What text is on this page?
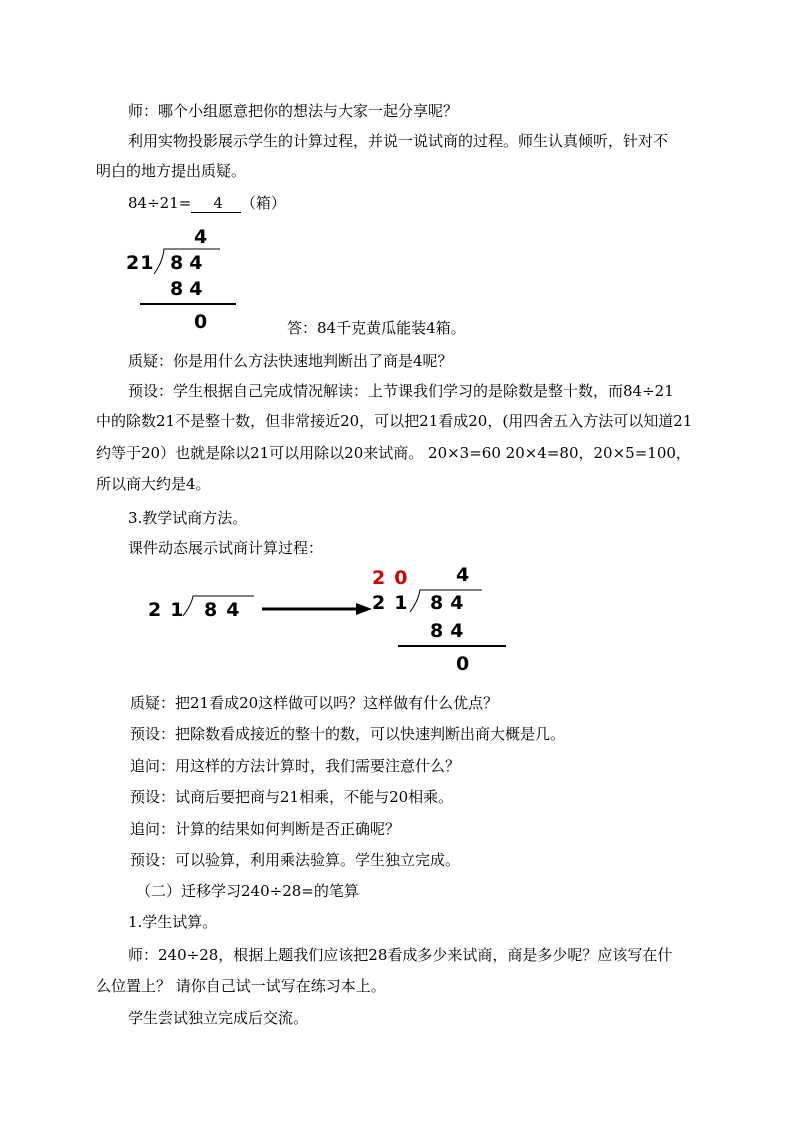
师：哪个小组愿意把你的想法与大家一起分享呢？
利用实物投影展示学生的计算过程，并说一说试商的过程。师生认真倾听，针对不
明白的地方提出质疑。
84÷21= 4 （箱）
4
21 84
84
0	答：84千克黄瓜能装4箱。
质疑：你是用什么方法快速地判断出了商是4呢？
预设：学生根据自己完成情况解读：上节课我们学习的是除数是整十数，而84÷21
中的除数21不是整十数，但非常接近20，可以把21看成20，(用四舍五入方法可以知道21
约等于20）也就是除以21可以用除以20来试商。 20×3=60 20×4=80，20×5=100，
所以商大约是4。
3.教学试商方法。
课件动态展示试商计算过程：
21 84
20 4
21 84
84
0
质疑：把21看成20这样做可以吗？这样做有什么优点？
预设：把除数看成接近的整十的数，可以快速判断出商大概是几。
追问：用这样的方法计算时，我们需要注意什么？
预设：试商后要把商与21相乘，不能与20相乘。
追问：计算的结果如何判断是否正确呢？
预设：可以验算，利用乘法验算。学生独立完成。
（二）迁移学习240÷28=的笔算
1.学生试算。
师：240÷28，根据上题我们应该把28看成多少来试商，商是多少呢？应该写在什
么位置上？ 请你自己试一试写在练习本上。
学生尝试独立完成后交流。
